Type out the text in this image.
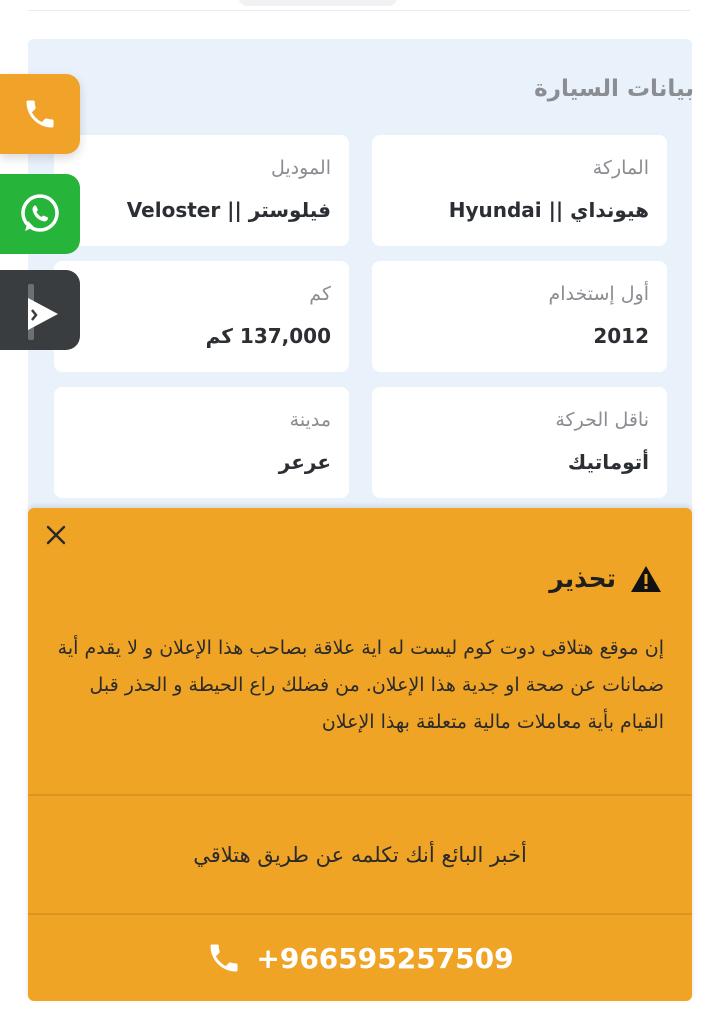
بيانات السيارة
الماركة
هيونداي || Hyundai
الموديل
فيلوستر || Veloster
أول إستخدام
2012
كم
137,000 كم
ناقل الحركة
أتوماتيك
مدينة
عرعر
تحذير

إن موقع هتلاقى دوت كوم ليست له اية علاقة بصاحب هذا الإعلان و لا يقدم أية ضمانات عن صحة او جدية هذا الإعلان. من فضلك راع الحيطة و الحذر قبل القيام بأية معاملات مالية متعلقة بهذا الإعلان

أخبر البائع أنك تكلمه عن طريق هتلاقي
+966595257509
